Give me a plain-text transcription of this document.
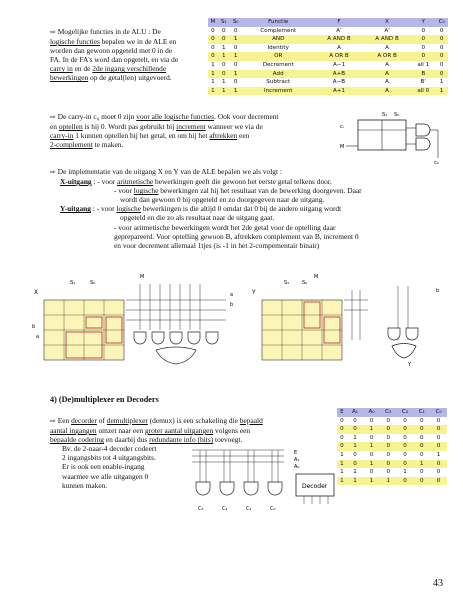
M	S₁	S₀	Functie	F	X	Y	C₀
0	0	0	Complement	A'	A'	0	0
0	0	1	AND	A AND B	A AND B	0	0
0	1	0	Identity	A	A	0	0
0	1	1	OR	A OR B	A OR B	0	0
1	0	0	Decrement	A−1	A	all 1	0
1	0	1	Add	A+B	A	B	0
1	1	0	Subtract	A−B	A	B'	1
1	1	1	Increment	A+1	A	all 0	1
⇨ Mogelijke functies in de ALU : De
logische functies bepalen we in de ALE en
worden dan gewoon opgeteld met 0 in de
FA. In de FA's word dan opgetelt, en via de
carry in en de 2de ingang verschillende
bewerkingen op de getal(len) uitgevoerd.
⇨ De carry-in c₀ moet 0 zijn voor alle logische functies. Ook voor decrement
en optellen is hij 0. Wordt pas gebruikt bij increment wanneer we via de
carry-in 1 kunnen optellen bij het getal, en om hij het aftrekken een
2-complement te maken.
S₁ S₀
cᵢ
M
c₀
⇨ De implementatie van de uitgang X en Y van de ALE bepalen we als volgt :
X-uitgang : - voor aritmetische bewerkingen geeft die gewoon het eerste getal telkens door.
- voor logische bewerkingen zal hij het resultaat van de bewerking doorgeven. Daar
wordt dan gewoon 0 bij opgeteld en zo doorgegeven naar de uitgang.
Y-uitgang : - voor logische bewerkingen is die altijd 0 omdat dat 0 bij de andere uitgang wordt
opgeteld en die zo als resultaat naar de uitgang gaat.
- voor aritmetische bewerkingen wordt het 2de getal voor de optelling daar
geprepareerd. Voor optelling gewoon B, aftrekken complement van B, increment 0
en voor decrement allemaal 1tjes (is -1 in het 2-compementair binair)
X
S₁	S₀
M
b
a
a
b
Y
S₁	S₀
M
b
Y
4) (De)multiplexer en Decoders
⇨ Een decorder of demultiplexer (demux) is een schakeling die bepaald
aantal ingangen omzet naar een groter aantal uitgangen volgens een
bepaalde codering en daarbij dus redundante info (bits) toevoegt.
Bv. de 2-naar-4 decoder codeert
2 ingangsbits tot 4 uitgangsbits.
Er is ook een enable-ingang
waarmee we alle uitgangen 0
kunnen maken.
E	A₁	A₀	C₃	C₂	C₁	C₀
0	0	0	0	0	0	0
0	0	1	0	0	0	0
0	1	0	0	0	0	0
0	1	1	0	0	0	0
1	0	0	0	0	0	1
1	0	1	0	0	1	0
1	1	0	0	1	0	0
1	1	1	1	0	0	0
C₃	C₂	C₁	C₀
E
A₁
A₀
Decoder
43
